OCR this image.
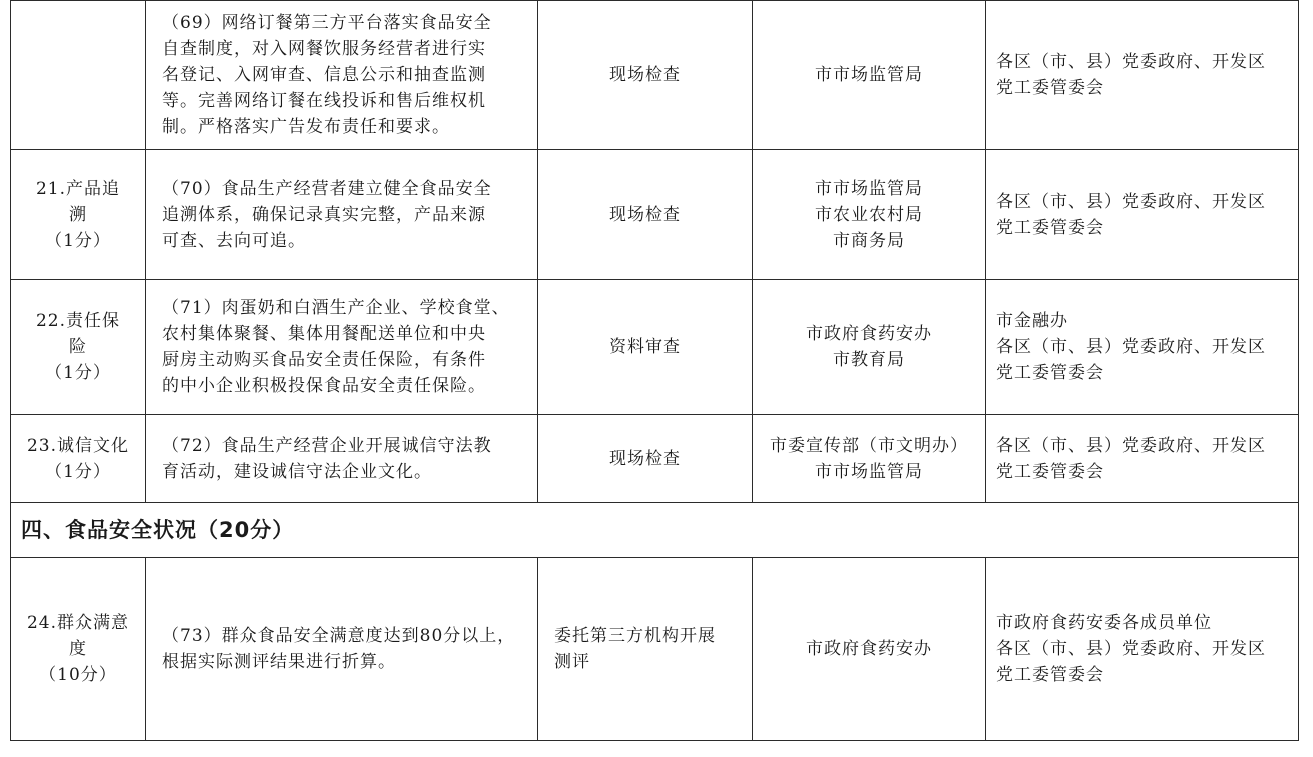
	（69）网络订餐第三方平台落实食品安全
自查制度，对入网餐饮服务经营者进行实
名登记、入网审查、信息公示和抽查监测
等。完善网络订餐在线投诉和售后维权机
制。严格落实广告发布责任和要求。	现场检查	市市场监管局	各区（市、县）党委政府、开发区
党工委管委会

21.产品追
溯
（1分）	（70）食品生产经营者建立健全食品安全
追溯体系，确保记录真实完整，产品来源
可查、去向可追。	现场检查	市市场监管局
市农业农村局
市商务局	各区（市、县）党委政府、开发区
党工委管委会

22.责任保
险
（1分）	（71）肉蛋奶和白酒生产企业、学校食堂、
农村集体聚餐、集体用餐配送单位和中央
厨房主动购买食品安全责任保险，有条件
的中小企业积极投保食品安全责任保险。	资料审查	市政府食药安办
市教育局	市金融办
各区（市、县）党委政府、开发区
党工委管委会

23.诚信文化
（1分）	（72）食品生产经营企业开展诚信守法教
育活动，建设诚信守法企业文化。	现场检查	市委宣传部（市文明办）
市市场监管局	各区（市、县）党委政府、开发区
党工委管委会

四、食品安全状况（20分）				

24.群众满意
度
（10分）	（73）群众食品安全满意度达到80分以上，
根据实际测评结果进行折算。	委托第三方机构开展
测评	市政府食药安办	市政府食药安委各成员单位
各区（市、县）党委政府、开发区
党工委管委会
